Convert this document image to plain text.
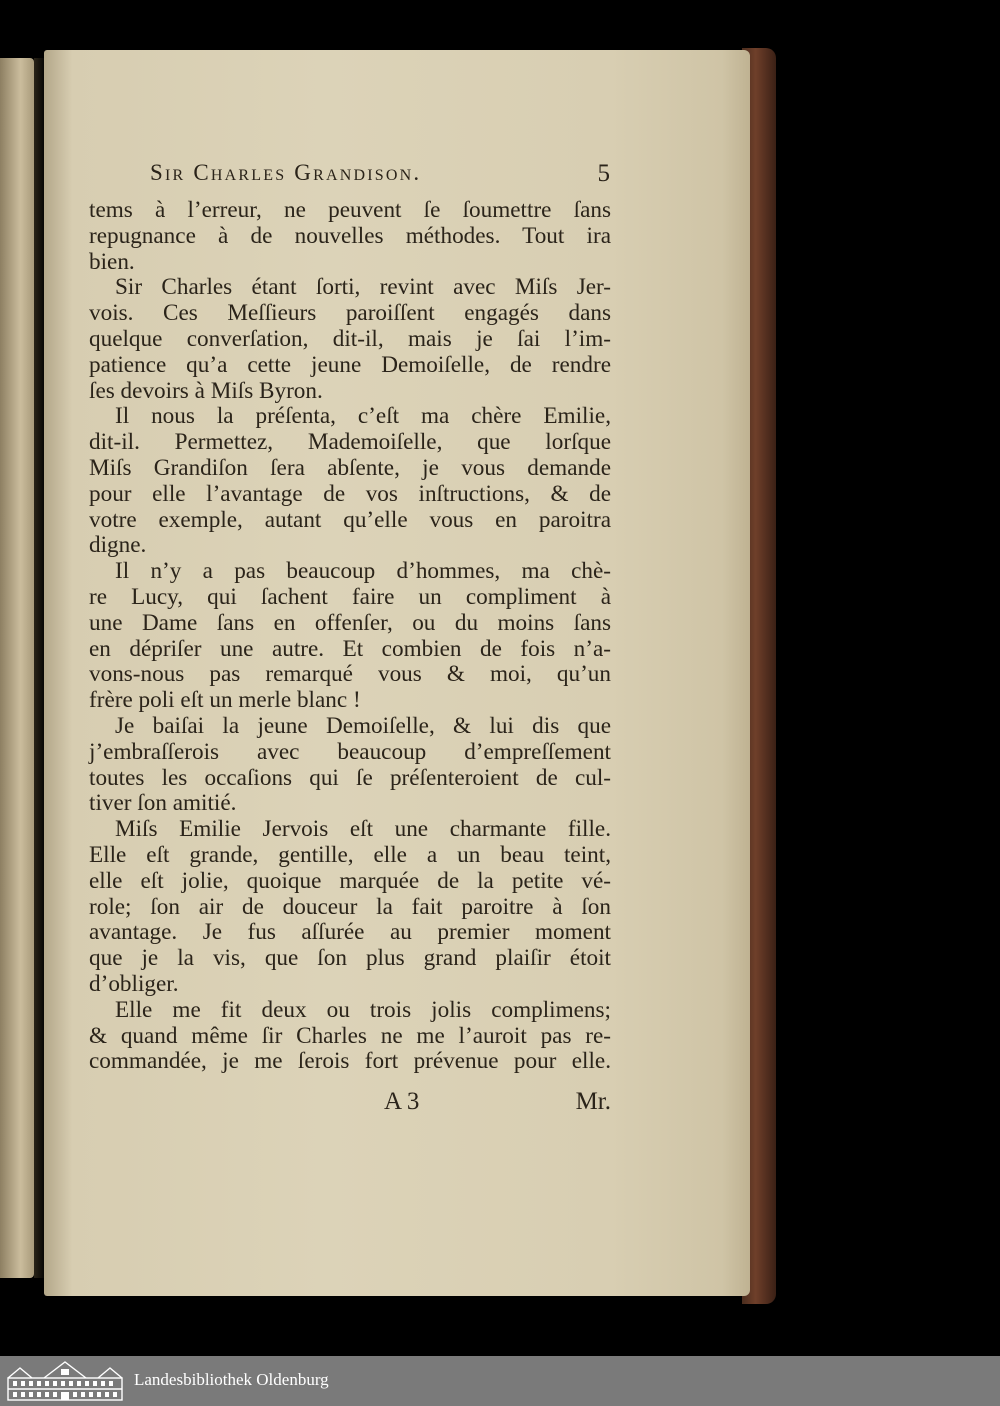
Sir Charles Grandison.	5
tems à l’erreur, ne peuvent ſe ſoumettre ſans
repugnance à de nouvelles méthodes. Tout ira
bien.
Sir Charles étant ſorti, revint avec Miſs Jer-
vois. Ces Meſſieurs paroiſſent engagés dans
quelque converſation, dit-il, mais je ſai l’im-
patience qu’a cette jeune Demoiſelle, de rendre
ſes devoirs à Miſs Byron.
Il nous la préſenta, c’eſt ma chère Emilie,
dit-il. Permettez, Mademoiſelle, que lorſque
Miſs Grandiſon ſera abſente, je vous demande
pour elle l’avantage de vos inſtructions, & de
votre exemple, autant qu’elle vous en paroitra
digne.
Il n’y a pas beaucoup d’hommes, ma chè-
re Lucy, qui ſachent faire un compliment à
une Dame ſans en offenſer, ou du moins ſans
en dépriſer une autre. Et combien de fois n’a-
vons-nous pas remarqué vous & moi, qu’un
frère poli eſt un merle blanc !
Je baiſai la jeune Demoiſelle, & lui dis que
j’embraſſerois avec beaucoup d’empreſſement
toutes les occaſions qui ſe préſenteroient de cul-
tiver ſon amitié.
Miſs Emilie Jervois eſt une charmante fille.
Elle eſt grande, gentille, elle a un beau teint,
elle eſt jolie, quoique marquée de la petite vé-
role; ſon air de douceur la fait paroitre à ſon
avantage. Je fus aſſurée au premier moment
que je la vis, que ſon plus grand plaiſir étoit
d’obliger.
Elle me fit deux ou trois jolis complimens;
& quand même ſir Charles ne me l’auroit pas re-
commandée, je me ſerois fort prévenue pour elle.
A 3	Mr.
Landesbibliothek Oldenburg
